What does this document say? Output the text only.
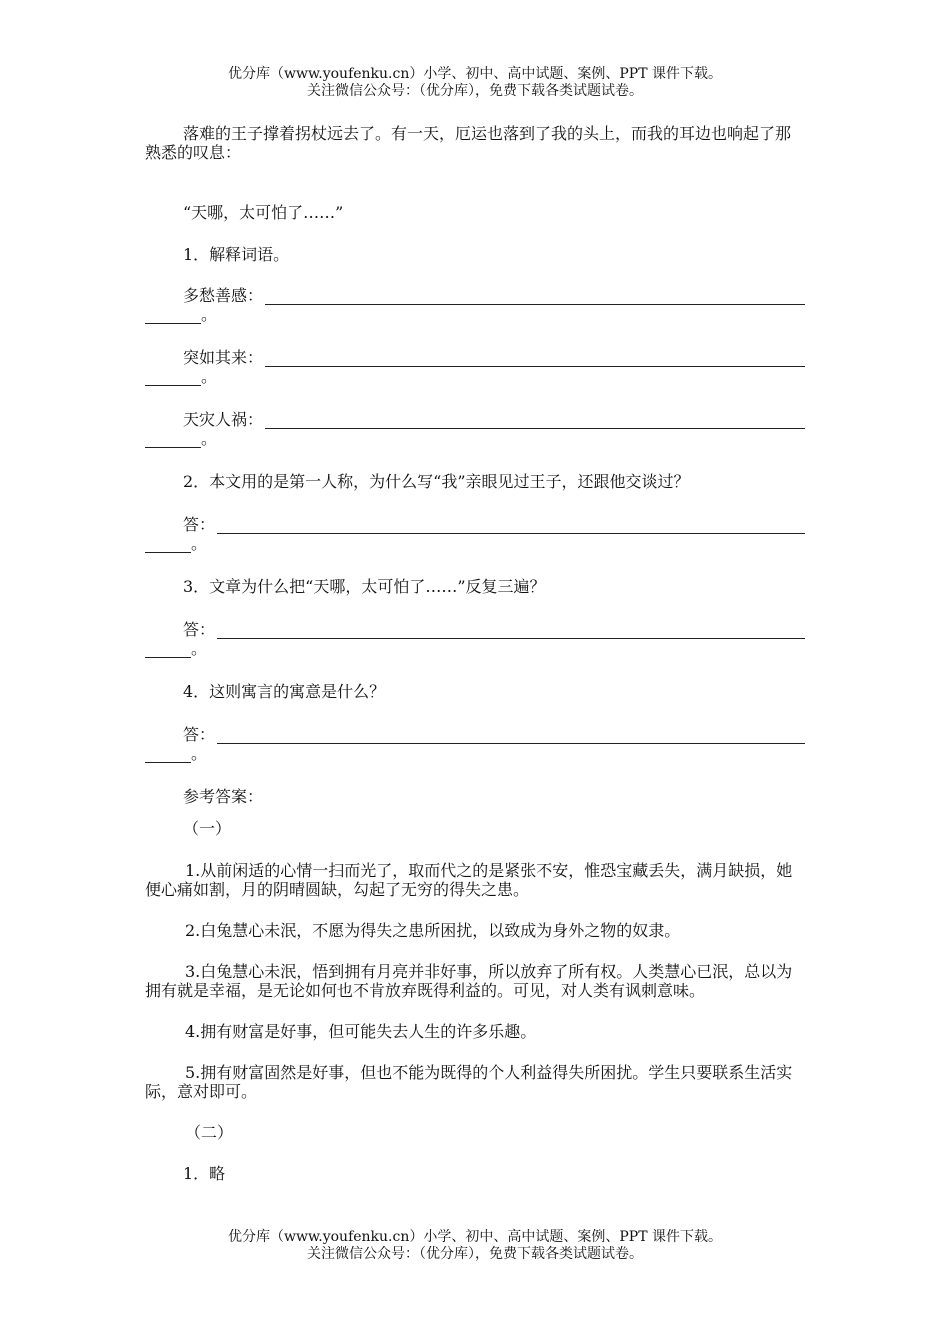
优分库（www.youfenku.cn）小学、初中、高中试题、案例、PPT 课件下载。
关注微信公众号：（优分库），免费下载各类试题试卷。

落难的王子撑着拐杖远去了。有一天，厄运也落到了我的头上，而我的耳边也响起了那熟悉的叹息：

“天哪，太可怕了……”

1．解释词语。

多愁善感：
。
突如其来：
。
天灾人祸：
。

2．本文用的是第一人称，为什么写“我”亲眼见过王子，还跟他交谈过？

答：
。

3．文章为什么把“天哪，太可怕了……”反复三遍？

答：
。

4．这则寓言的寓意是什么？

答：
。

参考答案：

（一）

1.从前闲适的心情一扫而光了，取而代之的是紧张不安，惟恐宝藏丢失，满月缺损，她便心痛如割，月的阴晴圆缺，勾起了无穷的得失之患。

2.白兔慧心未泯，不愿为得失之患所困扰，以致成为身外之物的奴隶。

3.白兔慧心未泯，悟到拥有月亮并非好事，所以放弃了所有权。人类慧心已泯，总以为拥有就是幸福，是无论如何也不肯放弃既得利益的。可见，对人类有讽刺意味。

4.拥有财富是好事，但可能失去人生的许多乐趣。

5.拥有财富固然是好事，但也不能为既得的个人利益得失所困扰。学生只要联系生活实际，意对即可。

（二）

1．略

优分库（www.youfenku.cn）小学、初中、高中试题、案例、PPT 课件下载。
关注微信公众号：（优分库），免费下载各类试题试卷。
